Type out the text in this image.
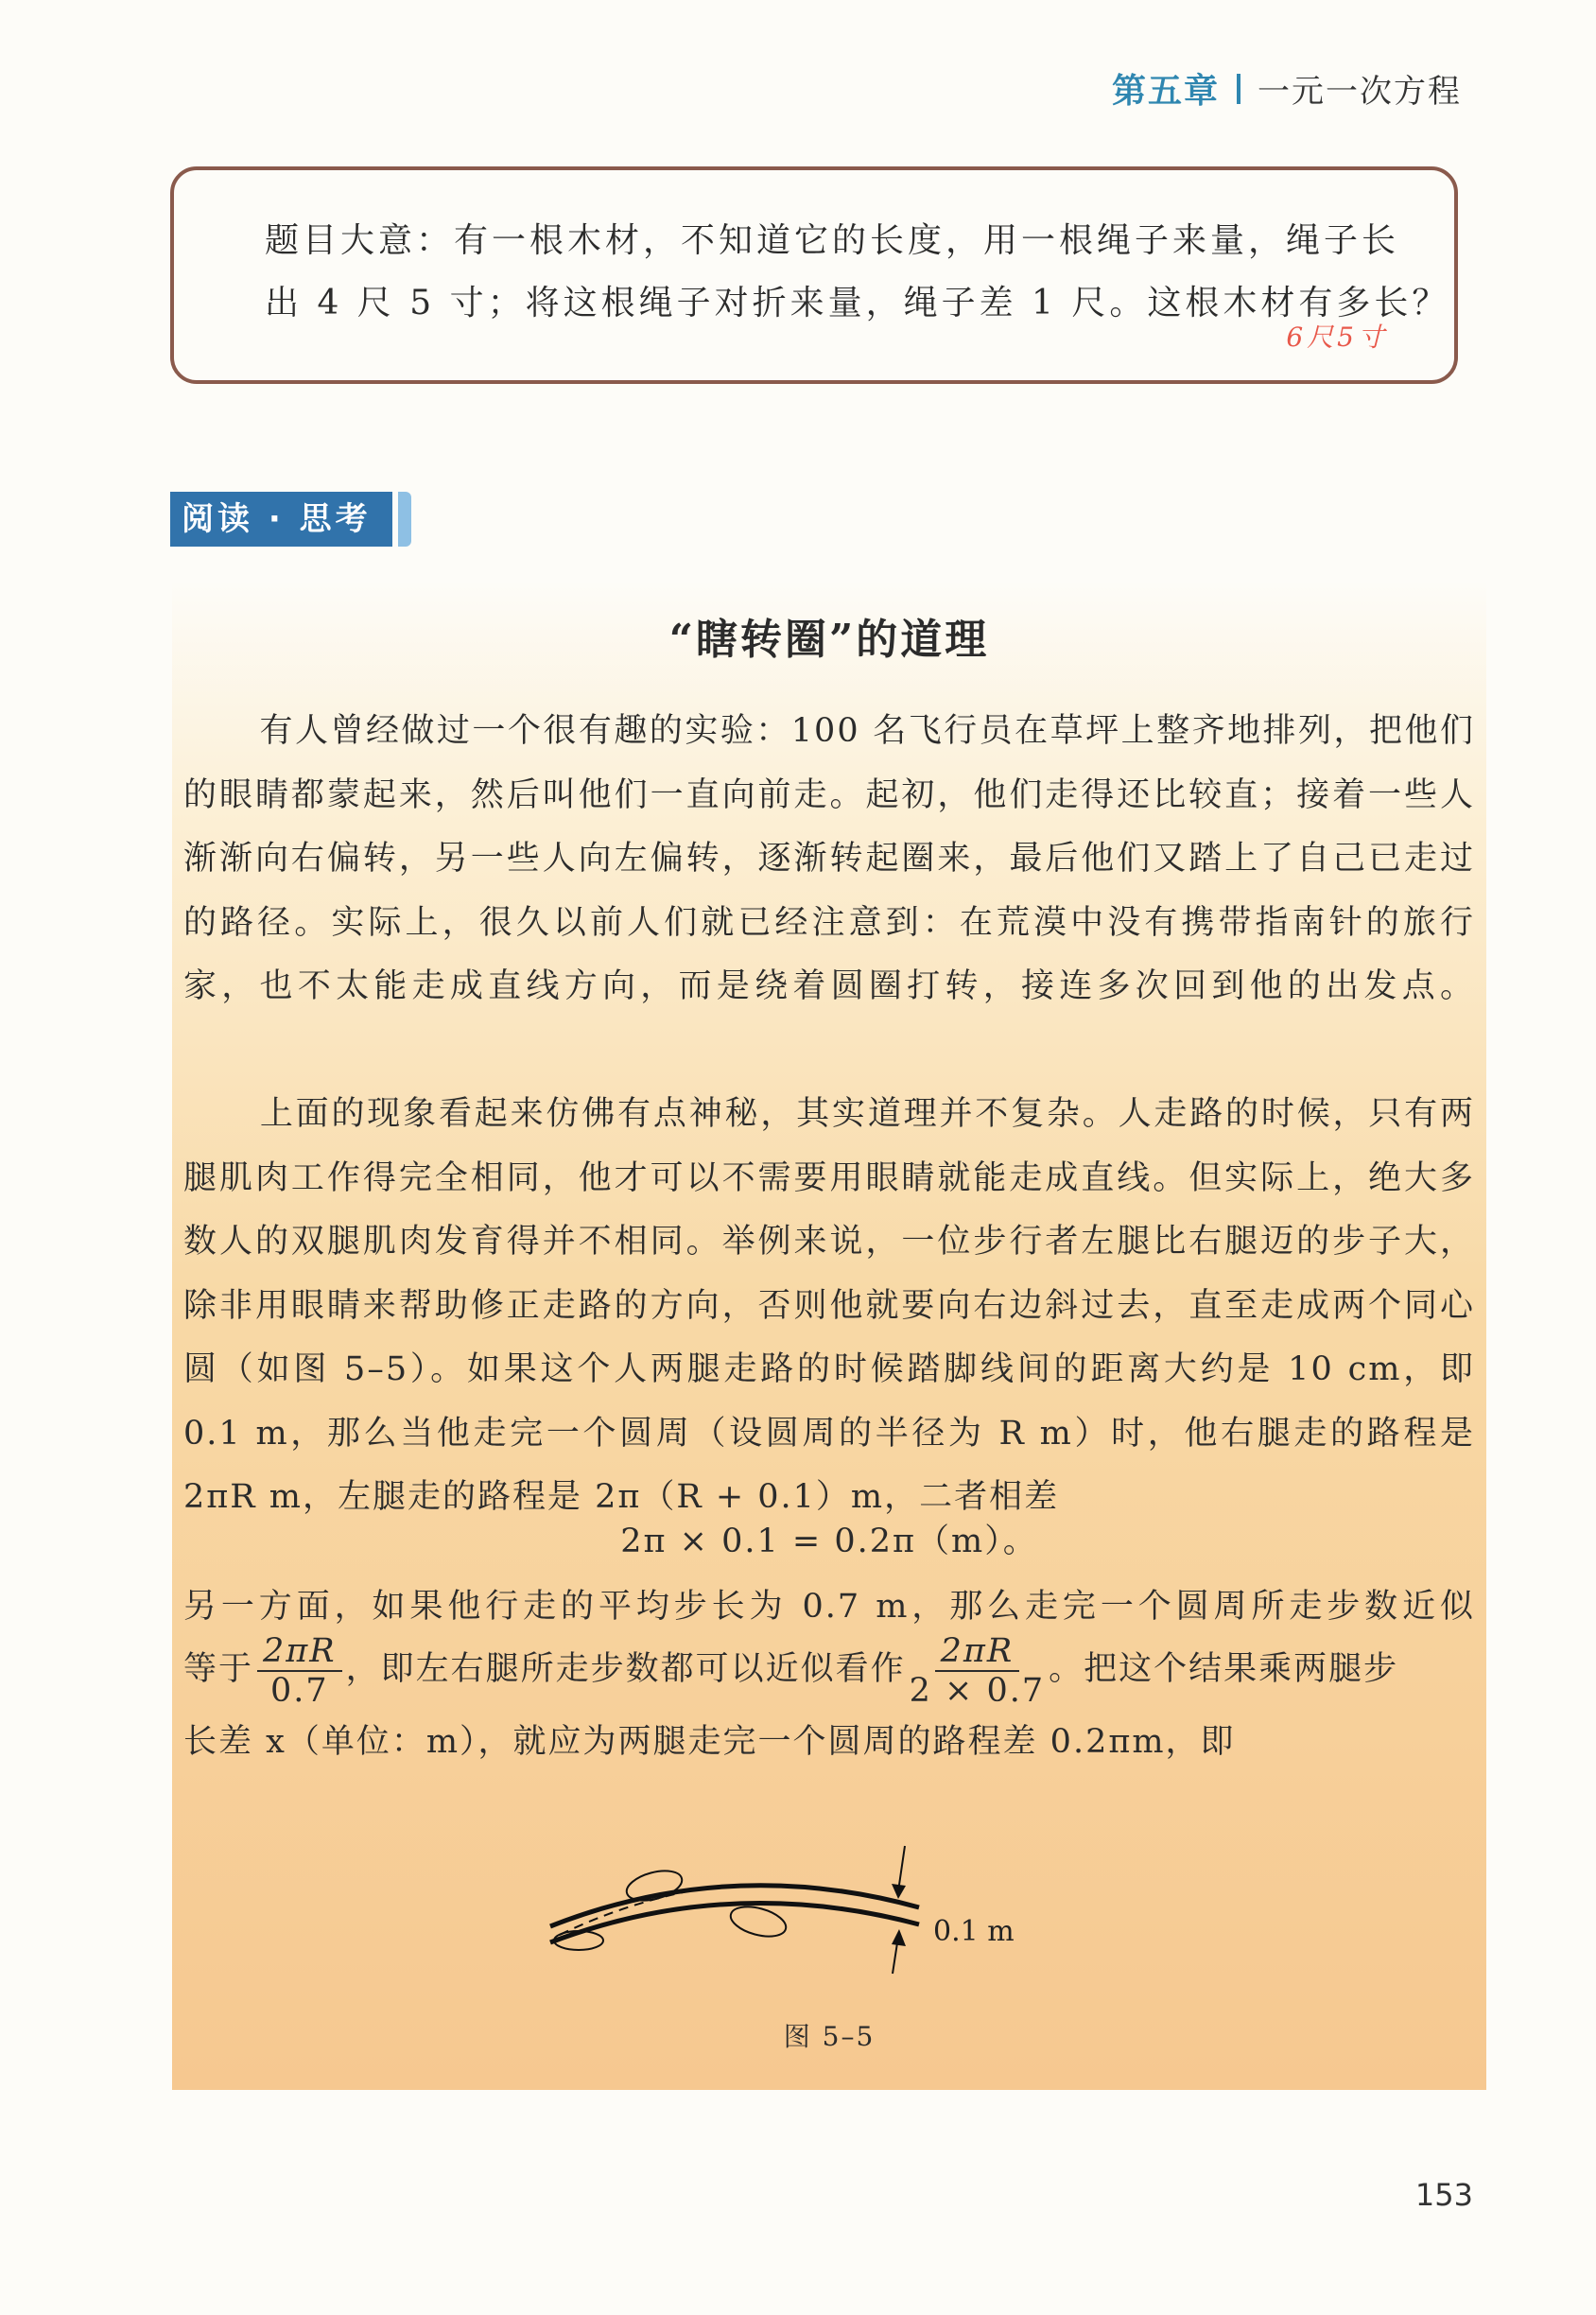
第五章 一元一次方程
题目大意：有一根木材，不知道它的长度，用一根绳子来量，绳子长
出 4 尺 5 寸；将这根绳子对折来量，绳子差 1 尺。这根木材有多长？
6尺5寸
阅读 · 思考
“瞎转圈”的道理
有人曾经做过一个很有趣的实验：100 名飞行员在草坪上整齐地排列，把他们的眼睛都蒙起来，然后叫他们一直向前走。起初，他们走得还比较直；接着一些人渐渐向右偏转，另一些人向左偏转，逐渐转起圈来，最后他们又踏上了自己已走过的路径。实际上，很久以前人们就已经注意到：在荒漠中没有携带指南针的旅行家，也不太能走成直线方向，而是绕着圆圈打转，接连多次回到他的出发点。
上面的现象看起来仿佛有点神秘，其实道理并不复杂。人走路的时候，只有两腿肌肉工作得完全相同，他才可以不需要用眼睛就能走成直线。但实际上，绝大多数人的双腿肌肉发育得并不相同。举例来说，一位步行者左腿比右腿迈的步子大，除非用眼睛来帮助修正走路的方向，否则他就要向右边斜过去，直至走成两个同心圆（如图 5–5）。如果这个人两腿走路的时候踏脚线间的距离大约是 10 cm，即 0.1 m，那么当他走完一个圆周（设圆周的半径为 R m）时，他右腿走的路程是 2πR m，左腿走的路程是 2π（R + 0.1）m，二者相差
2π × 0.1 = 0.2π（m）。
另一方面，如果他行走的平均步长为 0.7 m，那么走完一个圆周所走步数近似
等于 $\frac{2\pi R}{0.7}$ ，即左右腿所走步数都可以近似看作 $\frac{2\pi R}{2 \times 0.7}$ 。把这个结果乘两腿步
长差 x（单位：m），就应为两腿走完一个圆周的路程差 0.2πm，即
0.1 m
图 5–5
153
